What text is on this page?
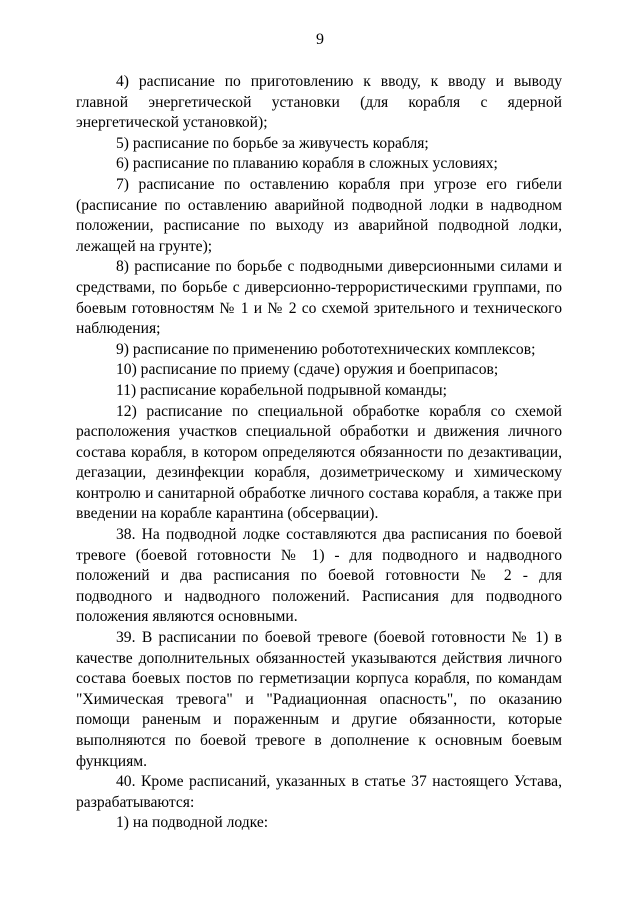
9

4) расписание по приготовлению к вводу, к вводу и выводу главной энергетической установки (для корабля с ядерной энергетической установкой);

5) расписание по борьбе за живучесть корабля;

6) расписание по плаванию корабля в сложных условиях;

7) расписание по оставлению корабля при угрозе его гибели (расписание по оставлению аварийной подводной лодки в надводном положении, расписание по выходу из аварийной подводной лодки, лежащей на грунте);

8) расписание по борьбе с подводными диверсионными силами и средствами, по борьбе с диверсионно-террористическими группами, по боевым готовностям № 1 и № 2 со схемой зрительного и технического наблюдения;

9) расписание по применению робототехнических комплексов;

10) расписание по приему (сдаче) оружия и боеприпасов;

11) расписание корабельной подрывной команды;

12) расписание по специальной обработке корабля со схемой расположения участков специальной обработки и движения личного состава корабля, в котором определяются обязанности по дезактивации, дегазации, дезинфекции корабля, дозиметрическому и химическому контролю и санитарной обработке личного состава корабля, а также при введении на корабле карантина (обсервации).

38. На подводной лодке составляются два расписания по боевой тревоге (боевой готовности № 1) - для подводного и надводного положений и два расписания по боевой готовности № 2 - для подводного и надводного положений. Расписания для подводного положения являются основными.

39. В расписании по боевой тревоге (боевой готовности № 1) в качестве дополнительных обязанностей указываются действия личного состава боевых постов по герметизации корпуса корабля, по командам "Химическая тревога" и "Радиационная опасность", по оказанию помощи раненым и пораженным и другие обязанности, которые выполняются по боевой тревоге в дополнение к основным боевым функциям.

40. Кроме расписаний, указанных в статье 37 настоящего Устава, разрабатываются:

1) на подводной лодке:
